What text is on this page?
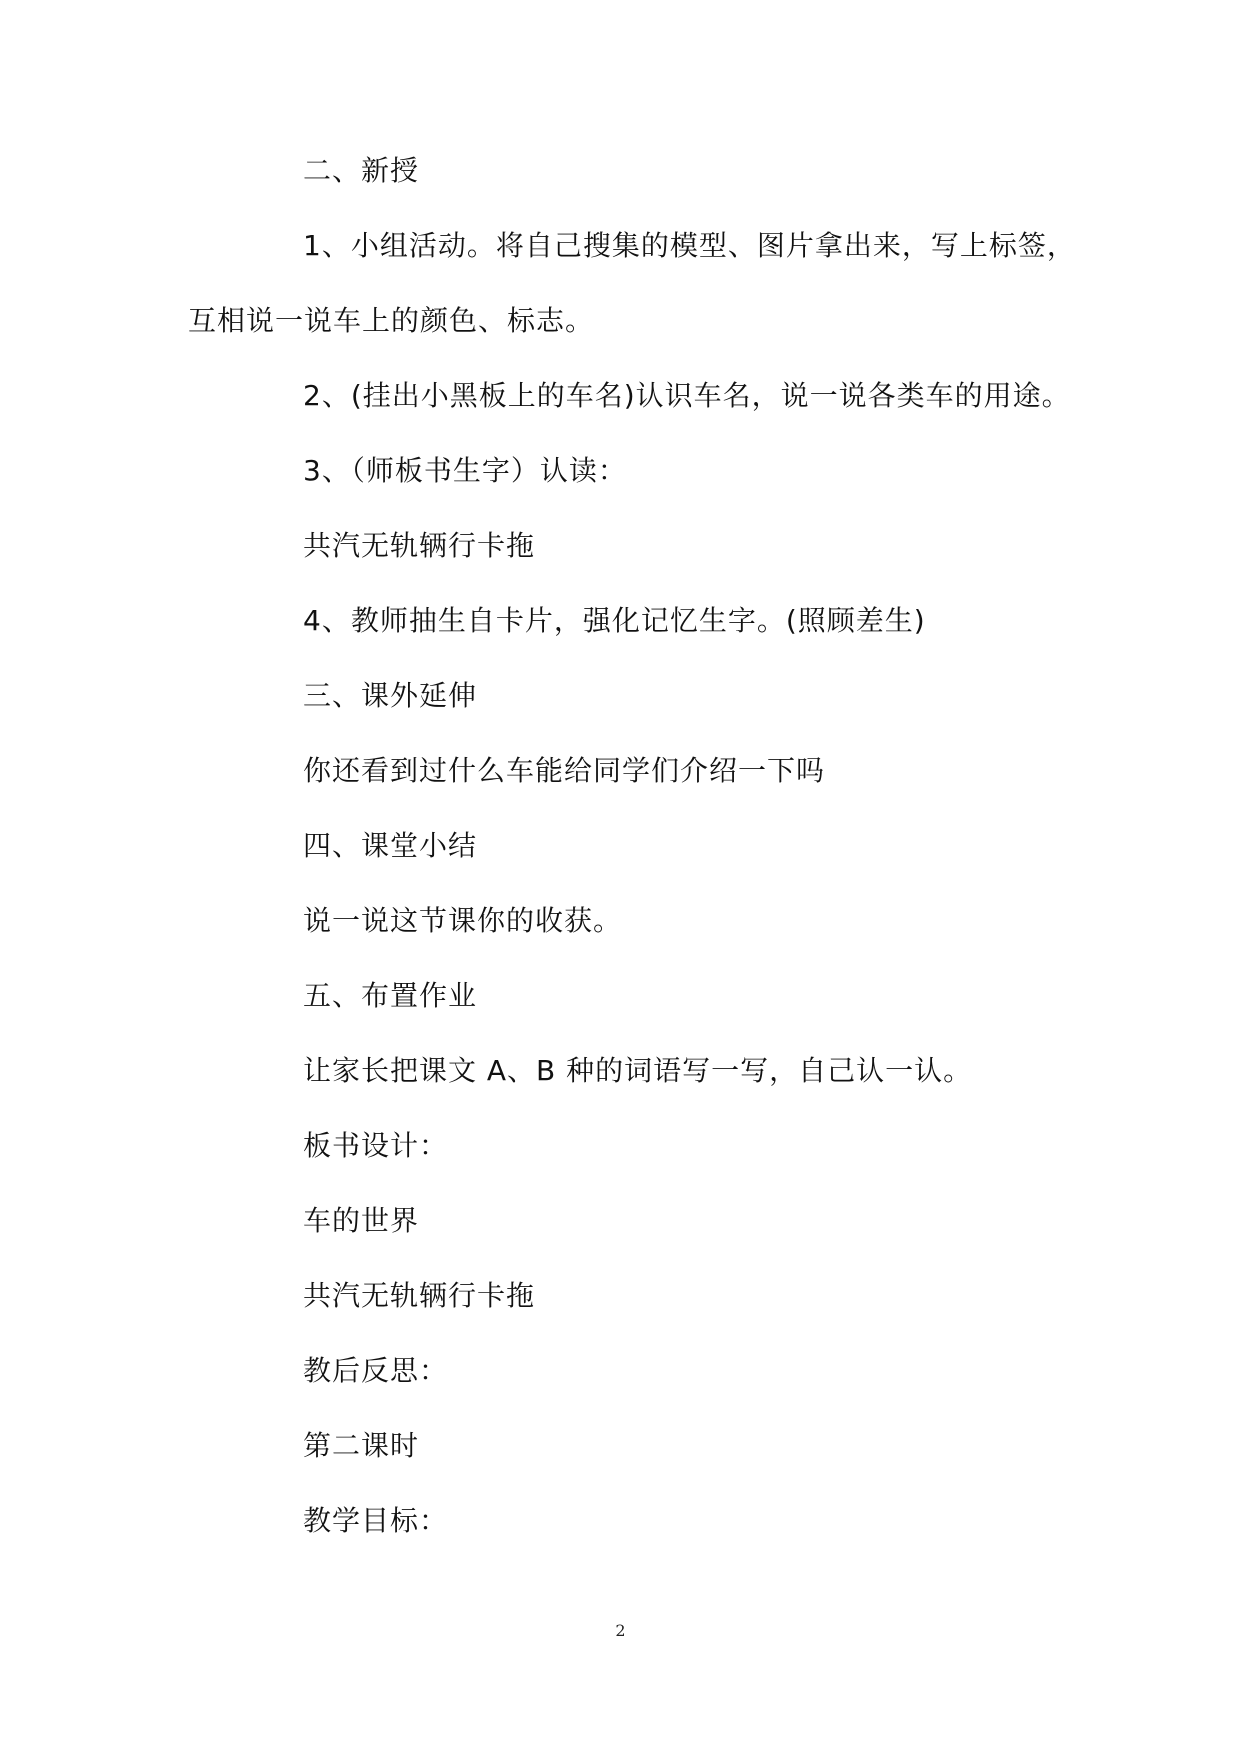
二、新授
1、小组活动。将自己搜集的模型、图片拿出来，写上标签，
互相说一说车上的颜色、标志。
2、(挂出小黑板上的车名)认识车名，说一说各类车的用途。
3、（师板书生字）认读：
共汽无轨辆行卡拖
4、教师抽生自卡片，强化记忆生字。(照顾差生)
三、课外延伸
你还看到过什么车能给同学们介绍一下吗
四、课堂小结
说一说这节课你的收获。
五、布置作业
让家长把课文 A、B 种的词语写一写，自己认一认。
板书设计：
车的世界
共汽无轨辆行卡拖
教后反思：
第二课时
教学目标：
2
